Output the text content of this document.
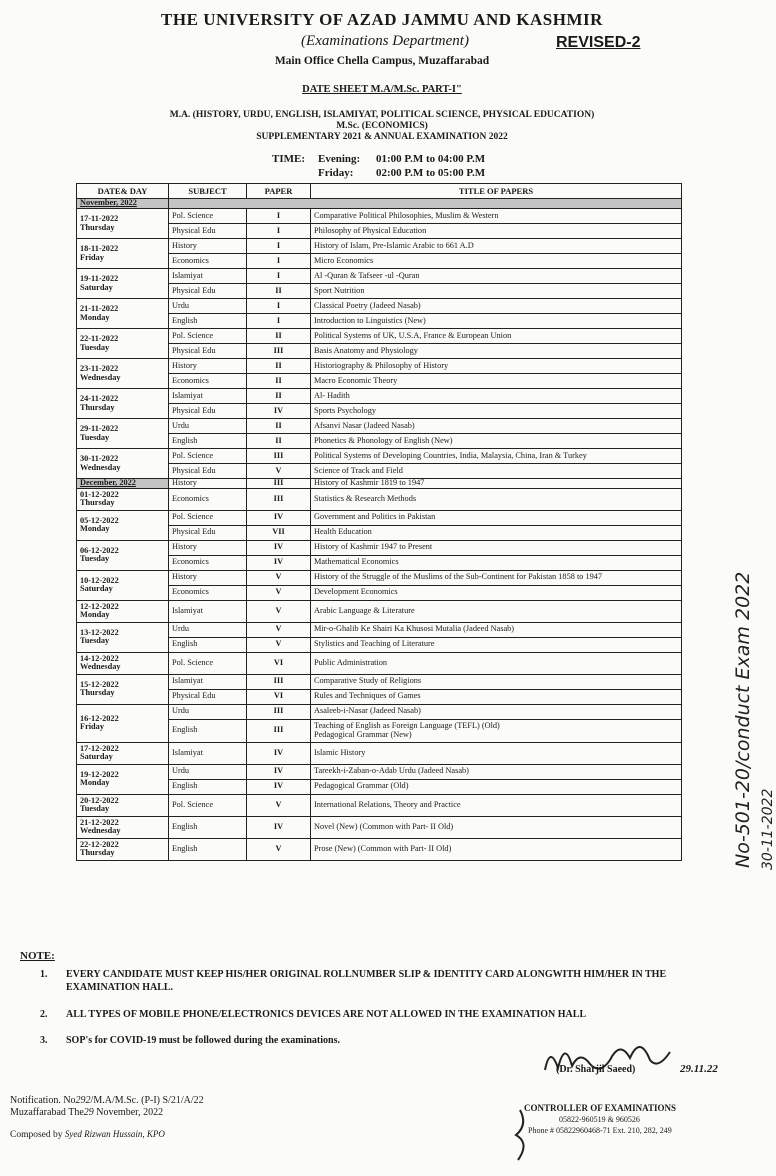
THE UNIVERSITY OF AZAD JAMMU AND KASHMIR
(Examinations Department)	REVISED-2
Main Office Chella Campus, Muzaffarabad
DATE SHEET M.A/M.Sc. PART-I"
M.A. (HISTORY, URDU, ENGLISH, ISLAMIYAT, POLITICAL SCIENCE, PHYSICAL EDUCATION)
M.Sc. (ECONOMICS)
SUPPLEMENTARY 2021 & ANNUAL EXAMINATION 2022
TIME: Evening: 01:00 P.M to 04:00 P.M
Friday: 02:00 P.M to 05:00 P.M
DATE& DAY	SUBJECT	PAPER	TITLE OF PAPERS
November, 2022			

17-11-2022
Thursday	Pol. Science	I	Comparative Political Philosophies, Muslim & Western

	Physical Edu	I	Philosophy of Physical Education

18-11-2022
Friday	History	I	History of Islam, Pre-Islamic Arabic to 661 A.D

	Economics	I	Micro Economics

19-11-2022
Saturday	Islamiyat	I	Al -Quran & Tafseer -ul -Quran

	Physical Edu	II	Sport Nutrition

21-11-2022
Monday	Urdu	I	Classical Poetry (Jadeed Nasab)

	English	I	Introduction to Linguistics (New)

22-11-2022
Tuesday	Pol. Science	II	Political Systems of UK, U.S.A, France & European Union

	Physical Edu	III	Basis Anatomy and Physiology

23-11-2022
Wednesday	History	II	Historiography & Philosophy of History

	Economics	II	Macro Economic Theory

24-11-2022
Thursday	Islamiyat	II	Al- Hadith

	Physical Edu	IV	Sports Psychology

29-11-2022
Tuesday	Urdu	II	Afsanvi Nasar (Jadeed Nasab)

	English	II	Phonetics & Phonology of English (New)

30-11-2022
Wednesday	Pol. Science	III	Political Systems of Developing Countries, India, Malaysia, China, Iran & Turkey

	Physical Edu	V	Science of Track and Field

December, 2022	History	III	History of Kashmir 1819 to 1947

01-12-2022
Thursday	Economics	III	Statistics & Research Methods

05-12-2022
Monday	Pol. Science	IV	Government and Politics in Pakistan

	Physical Edu	VII	Health Education

06-12-2022
Tuesday	History	IV	History of Kashmir 1947 to Present

	Economics	IV	Mathematical Economics

10-12-2022
Saturday	History	V	History of the Struggle of the Muslims of the Sub-Continent for Pakistan 1858 to 1947

	Economics	V	Development Economics

12-12-2022
Monday	Islamiyat	V	Arabic Language & Literature

13-12-2022
Tuesday	Urdu	V	Mir-o-Ghalib Ke Shairi Ka Khusosi Mutalia (Jadeed Nasab)

	English	V	Stylistics and Teaching of Literature

14-12-2022
Wednesday	Pol. Science	VI	Public Administration

15-12-2022
Thursday	Islamiyat	III	Comparative Study of Religions

	Physical Edu	VI	Rules and Techniques of Games

16-12-2022
Friday	Urdu	III	Asaleeb-i-Nasar (Jadeed Nasab)

	English	III	Teaching of English as Foreign Language (TEFL) (Old)
Pedagogical Grammar (New)

17-12-2022
Saturday	Islamiyat	IV	Islamic History

19-12-2022
Monday	Urdu	IV	Tareekh-i-Zaban-o-Adab Urdu (Jadeed Nasab)

	English	IV	Pedagogical Grammar (Old)

20-12-2022
Tuesday	Pol. Science	V	International Relations, Theory and Practice

21-12-2022
Wednesday	English	IV	Novel (New) (Common with Part- II Old)

22-12-2022
Thursday	English	V	Prose (New) (Common with Part- II Old)
NOTE:
1. EVERY CANDIDATE MUST KEEP HIS/HER ORIGINAL ROLLNUMBER SLIP & IDENTITY CARD ALONGWITH HIM/HER IN THE EXAMINATION HALL.
2. ALL TYPES OF MOBILE PHONE/ELECTRONICS DEVICES ARE NOT ALLOWED IN THE EXAMINATION HALL
3. SOP's for COVID-19 must be followed during the examinations.
Notification. No292/M.A/M.Sc. (P-I) S/21/A/22
Muzaffarabad The29 November, 2022
Composed by Syed Rizwan Hussain, KPO
(Dr. Sharjil Saeed)	29.11.22
CONTROLLER OF EXAMINATIONS
05822-960519 & 960526
Phone # 05822960468-71 Ext. 210, 282, 249
No-501-20/conduct Exam 2022 30-11-2022
